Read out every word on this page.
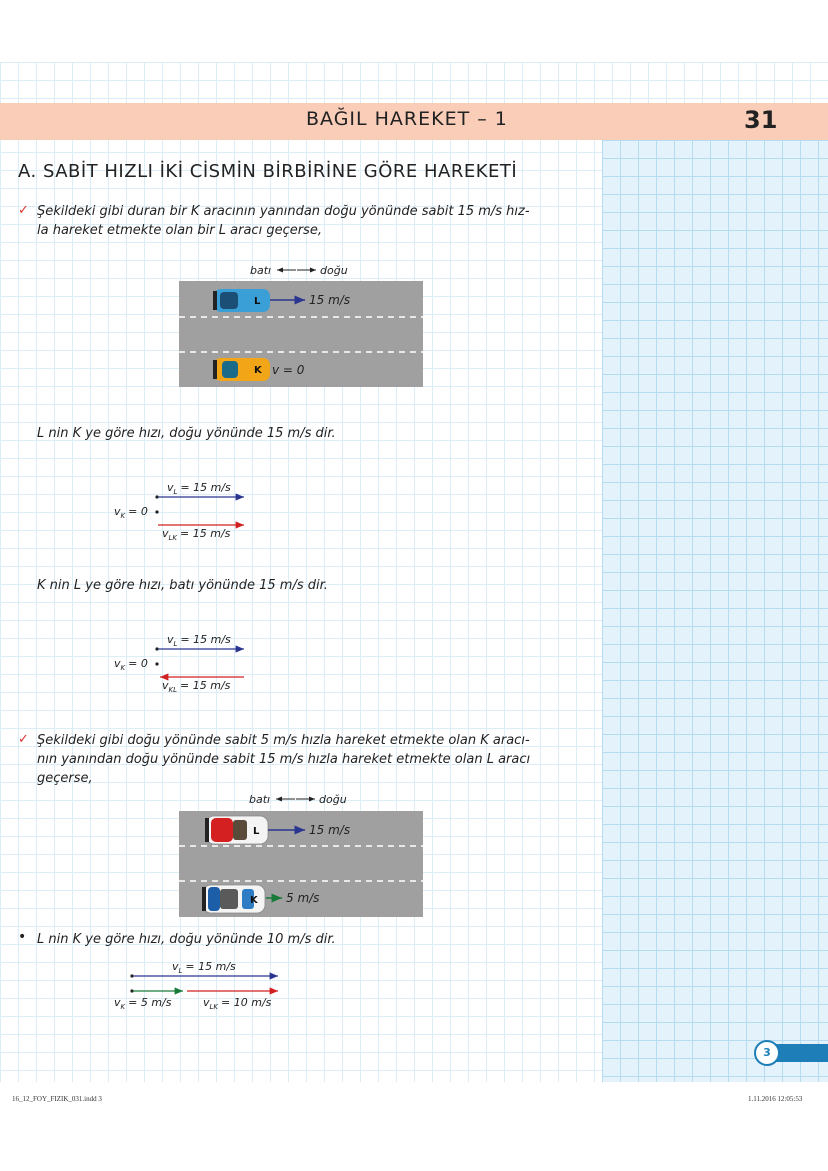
BAĞIL HAREKET – 1	31
A. SABİT HIZLI İKİ CİSMİN BİRBİRİNE GÖRE HAREKETİ
✓ Şekildeki gibi duran bir K aracının yanından doğu yönünde sabit 15 m/s hız-
la hareket etmekte olan bir L aracı geçerse,
batı	doğu
L	15 m/s
K v = 0
$v_L = 15$ m/s
$v_K = 0$
$v_{LK} = 15$ m/s
$v_L = 15$ m/s
$v_K = 0$
$v_{KL} = 15$ m/s
batı	doğu
L	15 m/s
K 5 m/s
$v_L = 15$ m/s
$v_K = 5$ m/s	$v_{LK} = 10$ m/s
L nin K ye göre hızı, doğu yönünde 15 m/s dir.
K nin L ye göre hızı, batı yönünde 15 m/s dir.
✓ Şekildeki gibi doğu yönünde sabit 5 m/s hızla hareket etmekte olan K aracı-
nın yanından doğu yönünde sabit 15 m/s hızla hareket etmekte olan L aracı
geçerse,
• L nin K ye göre hızı, doğu yönünde 10 m/s dir.
3
16_12_FOY_FIZIK_031.indd 3	1.11.2016 12:05:53
